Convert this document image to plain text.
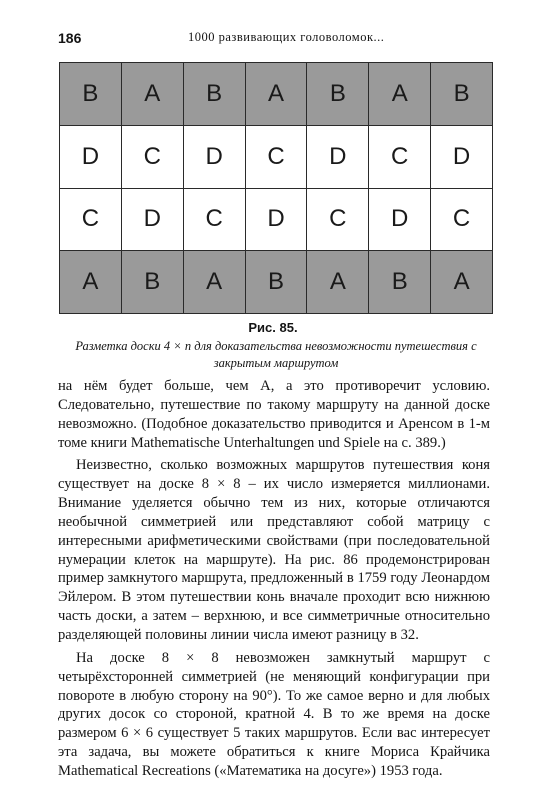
186	1000 развивающих головоломок...
B	A	B	A	B	A	B
D	C	D	C	D	C	D
C	D	C	D	C	D	C
A	B	A	B	A	B	A
Рис. 85.
Разметка доски 4 × n для доказательства невозможности путешествия с закрытым маршрутом

на нём будет больше, чем A, а это противоречит условию. Следовательно, путешествие по такому маршруту на данной доске невозможно. (Подобное доказательство приводится и Аренсом в 1-м томе книги Mathematische Unterhaltungen und Spiele на с. 389.)

Неизвестно, сколько возможных маршрутов путешествия коня существует на доске 8 × 8 – их число измеряется миллионами. Внимание уделяется обычно тем из них, которые отличаются необычной симметрией или представляют собой матрицу с интересными арифметическими свойствами (при последовательной нумерации клеток на маршруте). На рис. 86 продемонстрирован пример замкнутого маршрута, предложенный в 1759 году Леонардом Эйлером. В этом путешествии конь вначале проходит всю нижнюю часть доски, а затем – верхнюю, и все симметричные относительно разделяющей половины линии числа имеют разницу в 32.

На доске 8 × 8 невозможен замкнутый маршрут с четырёхсторонней симметрией (не меняющий конфигурации при повороте в любую сторону на 90°). То же самое верно и для любых других досок со стороной, кратной 4. В то же время на доске размером 6 × 6 существует 5 таких маршрутов. Если вас интересует эта задача, вы можете обратиться к книге Мориса Крайчика Mathematical Recreations («Математика на досуге») 1953 года.
